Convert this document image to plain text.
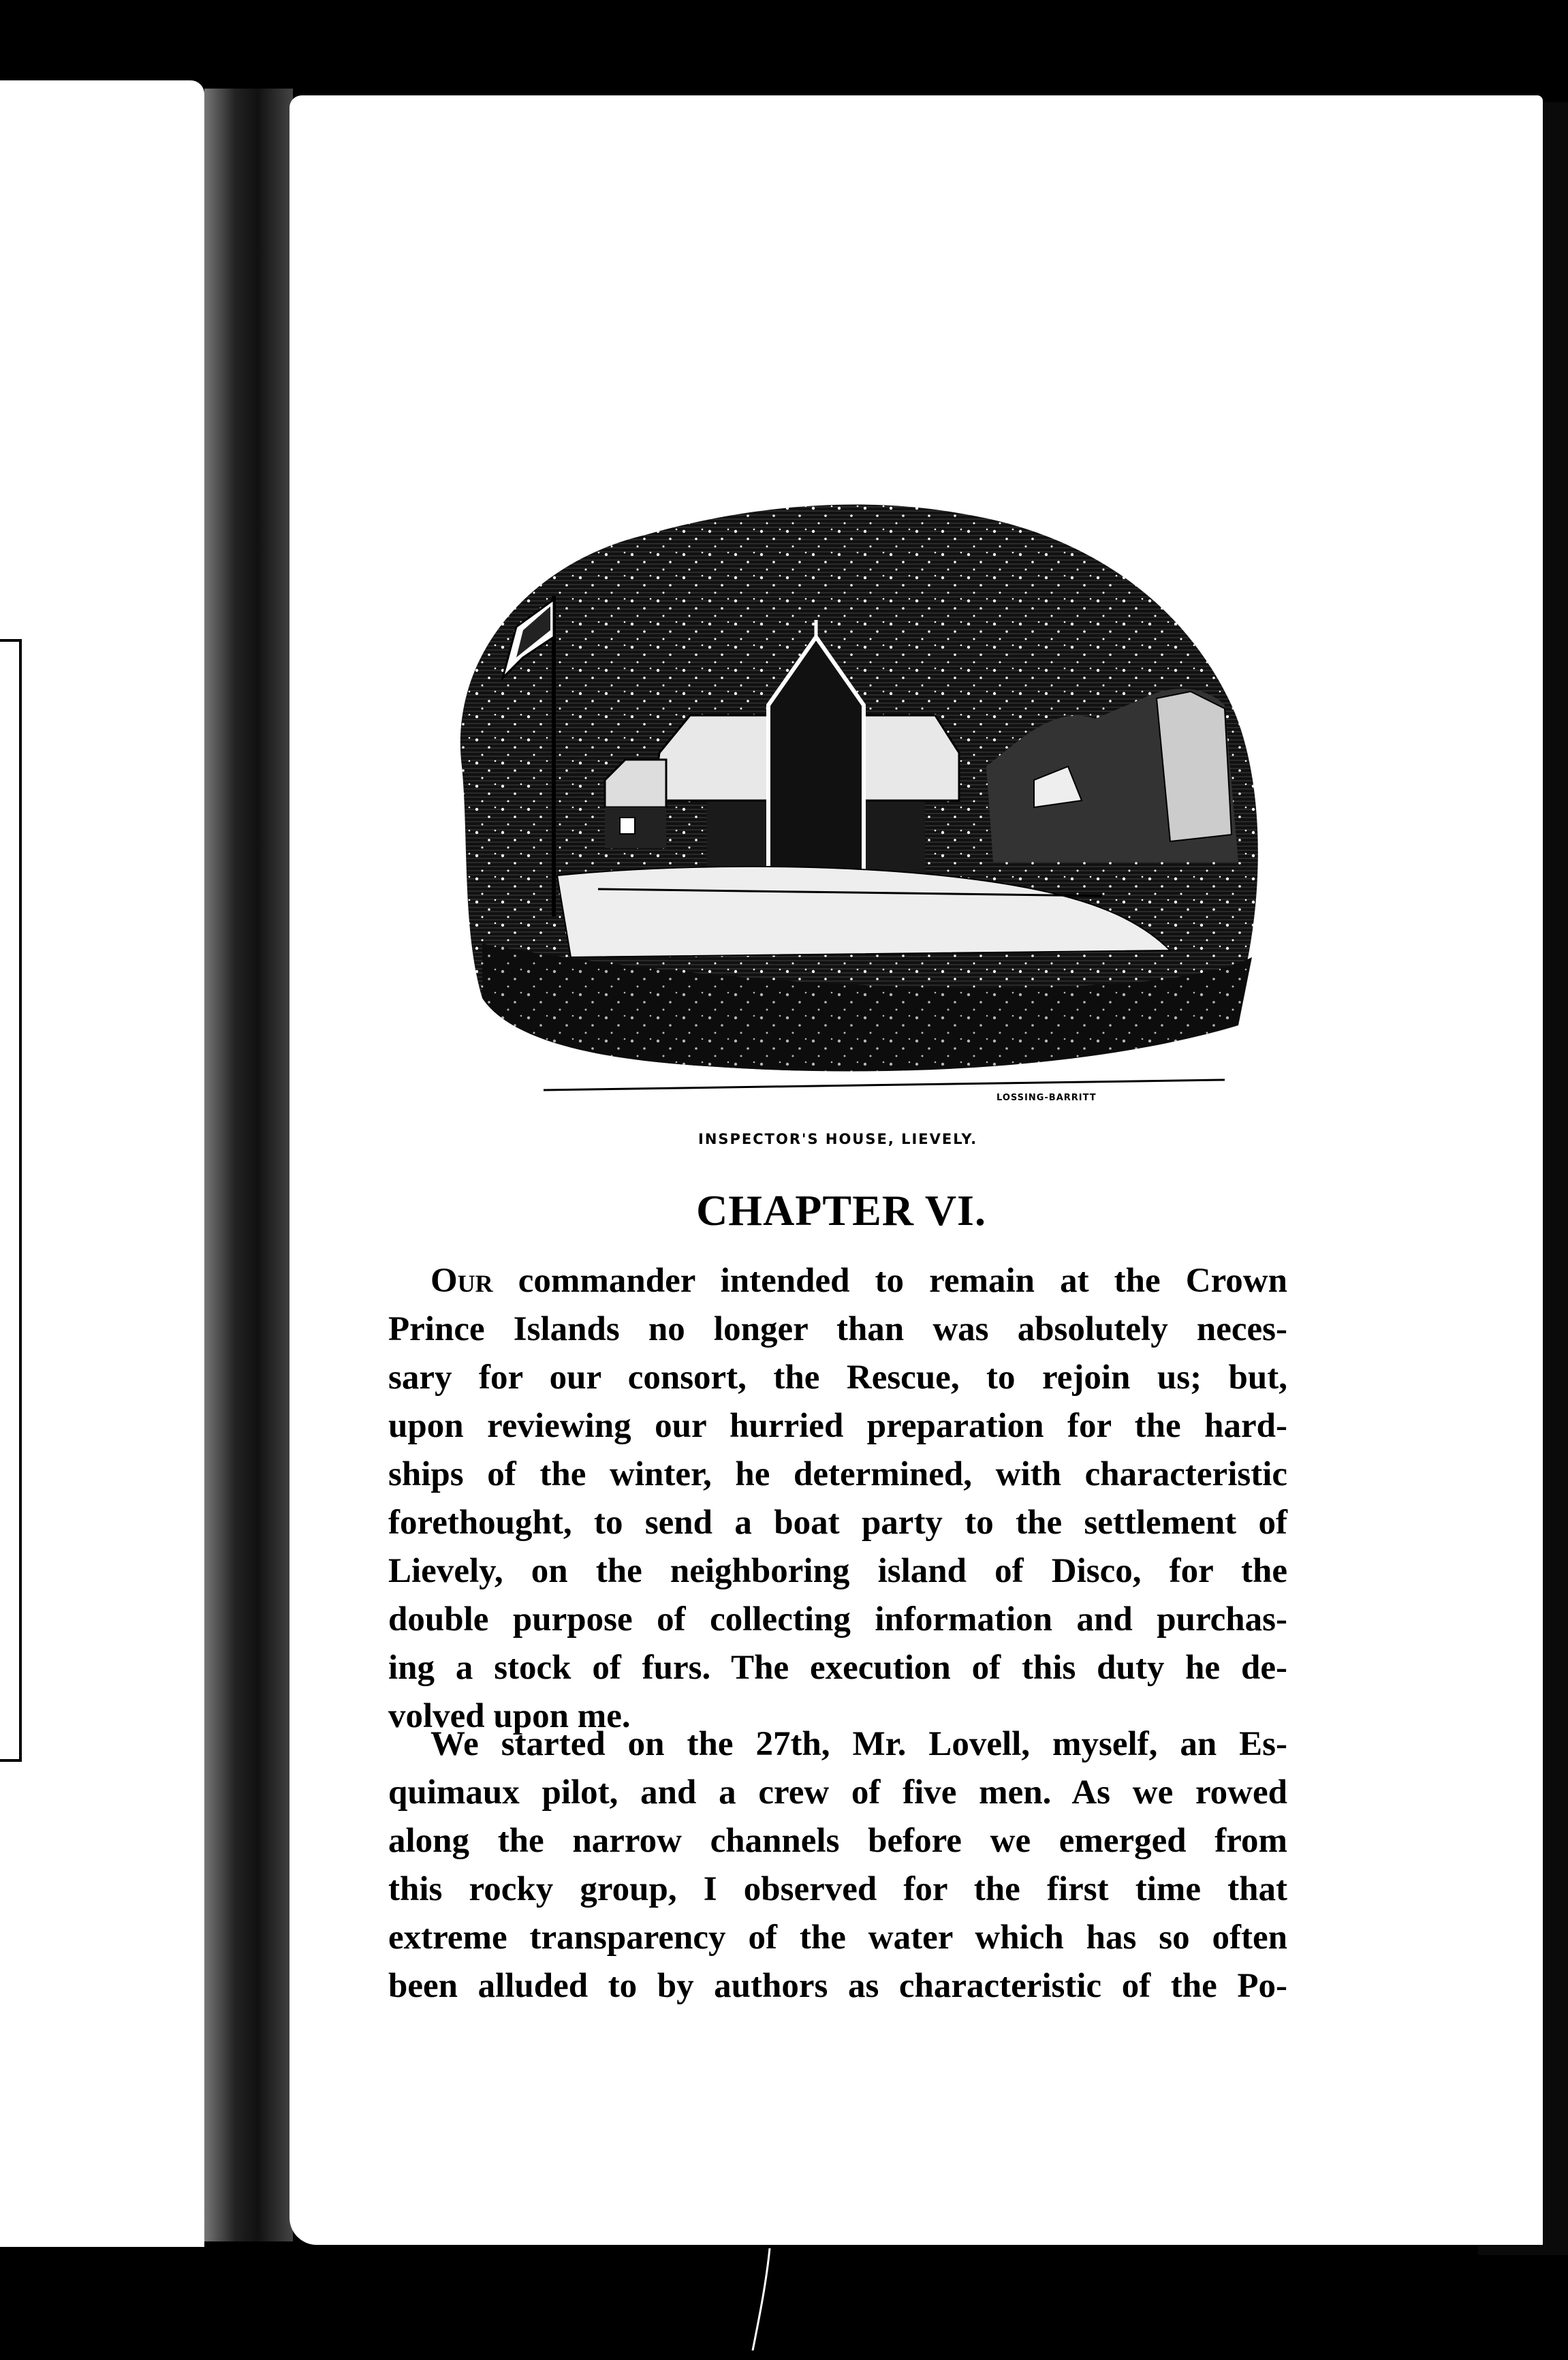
LOSSING-BARRITT
INSPECTOR'S HOUSE, LIEVELY.
CHAPTER VI.
Our commander intended to remain at the Crown
Prince Islands no longer than was absolutely neces-
sary for our consort, the Rescue, to rejoin us; but,
upon reviewing our hurried preparation for the hard-
ships of the winter, he determined, with characteristic
forethought, to send a boat party to the settlement of
Lievely, on the neighboring island of Disco, for the
double purpose of collecting information and purchas-
ing a stock of furs. The execution of this duty he de-
volved upon me.
We started on the 27th, Mr. Lovell, myself, an Es-
quimaux pilot, and a crew of five men. As we rowed
along the narrow channels before we emerged from
this rocky group, I observed for the first time that
extreme transparency of the water which has so often
been alluded to by authors as characteristic of the Po-
